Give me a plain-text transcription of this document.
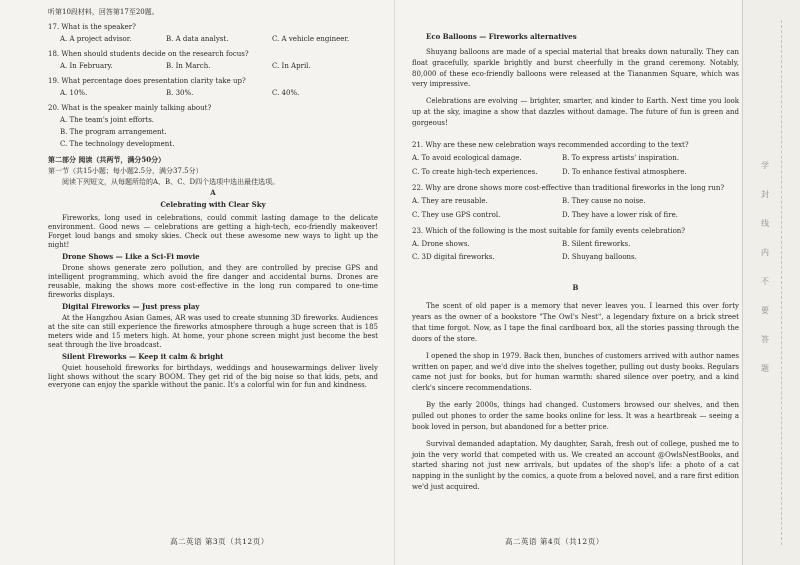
听第10段材料，回答第17至20题。

17. What is the speaker?

A. A project advisor.	B. A data analyst.	C. A vehicle engineer.

18. When should students decide on the research focus?

A. In February.	B. In March.	C. In April.

19. What percentage does presentation clarity take up?

A. 10%.	B. 30%.	C. 40%.

20. What is the speaker mainly talking about?

A. The team's joint efforts.

B. The program arrangement.

C. The technology development.

第二部分 阅读（共两节，满分50分）

第一节（共15小题；每小题2.5分，满分37.5分）

阅读下列短文，从每题所给的A、B、C、D四个选项中选出最佳选项。

A

Celebrating with Clear Sky

Fireworks, long used in celebrations, could commit lasting damage to the delicate environment. Good news — celebrations are getting a high-tech, eco-friendly makeover! Forget loud bangs and smoky skies. Check out these awesome new ways to light up the night!

Drone Shows — Like a Sci-Fi movie

Drone shows generate zero pollution, and they are controlled by precise GPS and intelligent programming, which avoid the fire danger and accidental burns. Drones are reusable, making the shows more cost-effective in the long run compared to one-time fireworks displays.

Digital Fireworks — Just press play

At the Hangzhou Asian Games, AR was used to create stunning 3D fireworks. Audiences at the site can still experience the fireworks atmosphere through a huge screen that is 185 meters wide and 15 meters high. At home, your phone screen might just become the best seat through the live broadcast.

Silent Fireworks — Keep it calm & bright

Quiet household fireworks for birthdays, weddings and housewarmings deliver lively light shows without the scary BOOM. They get rid of the big noise so that kids, pets, and everyone can enjoy the sparkle without the panic. It's a colorful win for fun and kindness.

高二英语 第3页（共12页）

Eco Balloons — Fireworks alternatives

Shuyang balloons are made of a special material that breaks down naturally. They can float gracefully, sparkle brightly and burst cheerfully in the grand ceremony. Notably, 80,000 of these eco-friendly balloons were released at the Tiananmen Square, which was very impressive.

Celebrations are evolving — brighter, smarter, and kinder to Earth. Next time you look up at the sky, imagine a show that dazzles without damage. The future of fun is green and gorgeous!

21. Why are these new celebration ways recommended according to the text?

A. To avoid ecological damage.	B. To express artists' inspiration.
C. To create high-tech experiences.	D. To enhance festival atmosphere.

22. Why are drone shows more cost-effective than traditional fireworks in the long run?

A. They are reusable.	B. They cause no noise.
C. They use GPS control.	D. They have a lower risk of fire.

23. Which of the following is the most suitable for family events celebration?

A. Drone shows.	B. Silent fireworks.
C. 3D digital fireworks.	D. Shuyang balloons.

B

The scent of old paper is a memory that never leaves you. I learned this over forty years as the owner of a bookstore "The Owl's Nest", a legendary fixture on a brick street that time forgot. Now, as I tape the final cardboard box, all the stories passing through the doors of the store.

I opened the shop in 1979. Back then, bunches of customers arrived with author names written on paper, and we'd dive into the shelves together, pulling out dusty books. Regulars came not just for books, but for human warmth: shared silence over poetry, and a kind clerk's sincere recommendations.

By the early 2000s, things had changed. Customers browsed our shelves, and then pulled out phones to order the same books online for less. It was a heartbreak — seeing a book loved in person, but abandoned for a better price.

Survival demanded adaptation. My daughter, Sarah, fresh out of college, pushed me to join the very world that competed with us. We created an account @OwlsNestBooks, and started sharing not just new arrivals, but updates of the shop's life: a photo of a cat napping in the sunlight by the comics, a quote from a beloved novel, and a rare first edition we'd just acquired.

高二英语 第4页（共12页）
学
封
线
内
不
要
答
题
